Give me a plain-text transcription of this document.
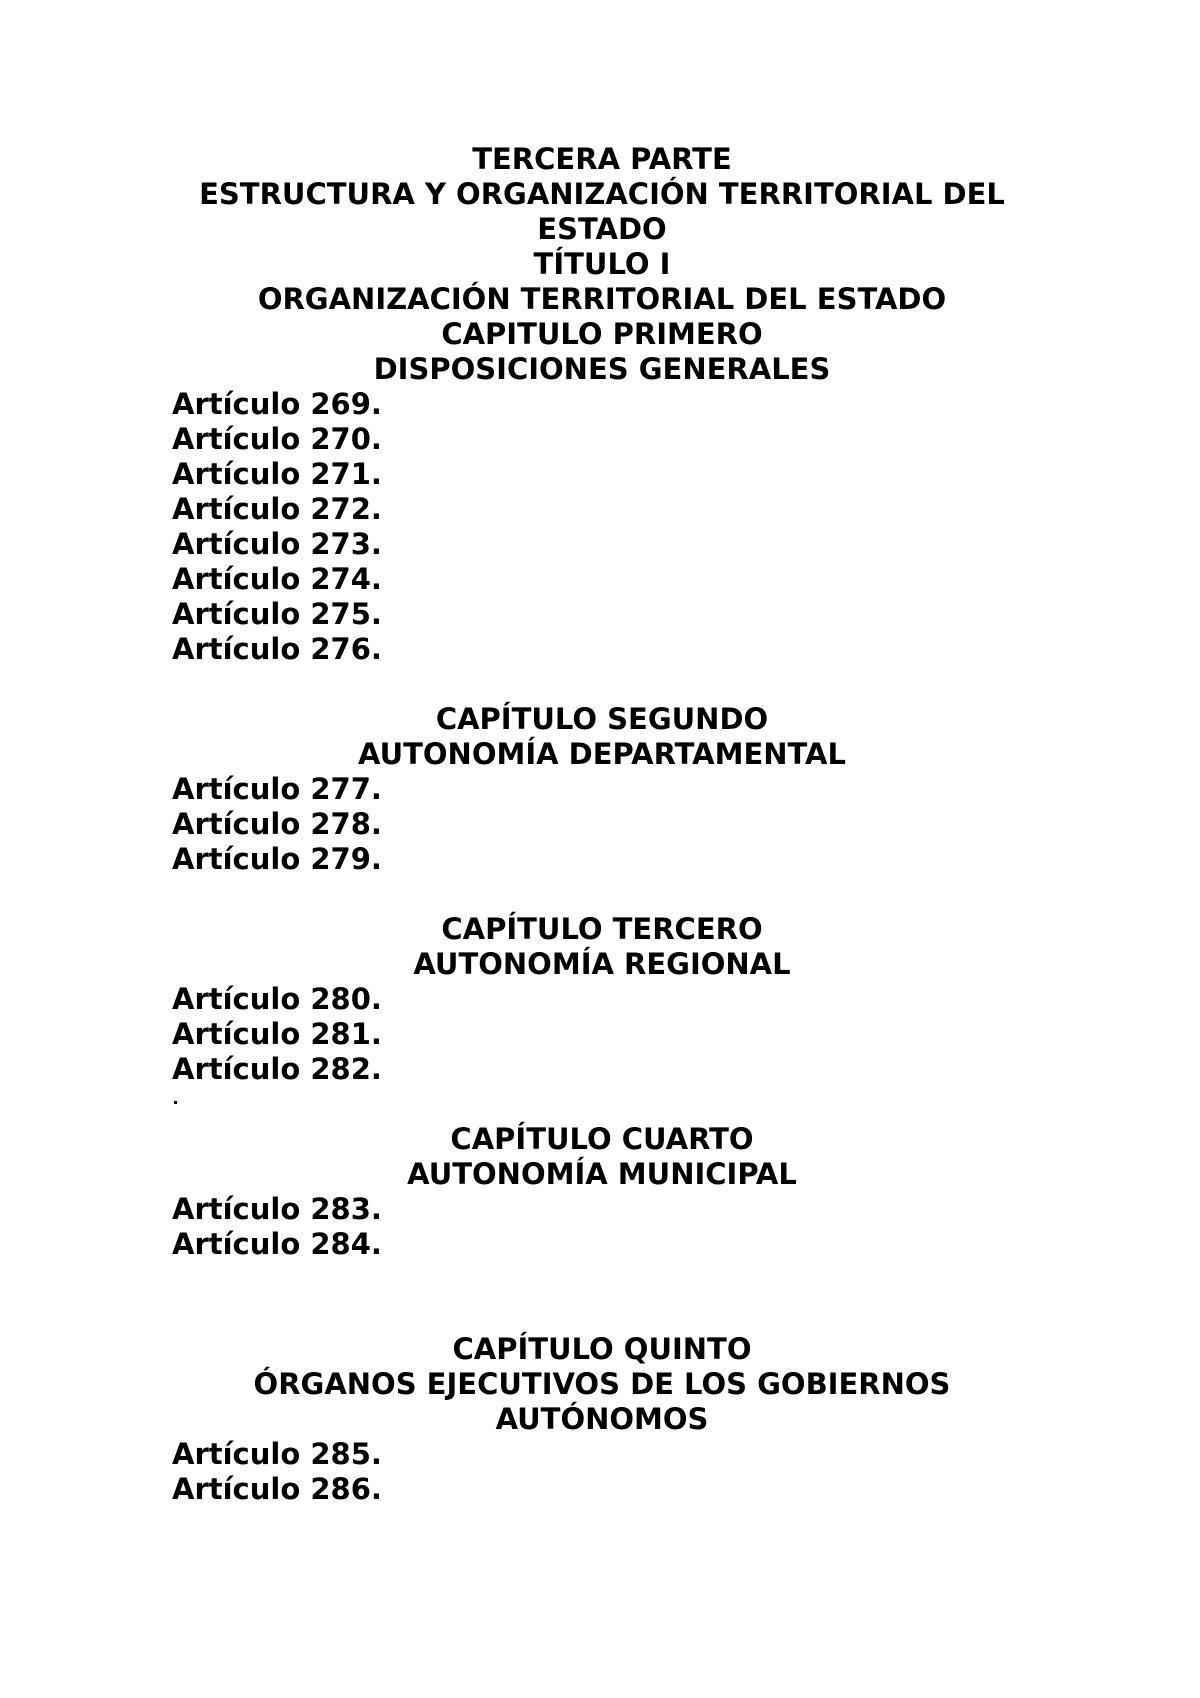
TERCERA PARTE

ESTRUCTURA Y ORGANIZACIÓN TERRITORIAL DEL ESTADO

TÍTULO I

ORGANIZACIÓN TERRITORIAL DEL ESTADO

CAPITULO PRIMERO

DISPOSICIONES GENERALES

Artículo 269.

Artículo 270.

Artículo 271.

Artículo 272.

Artículo 273.

Artículo 274.

Artículo 275.

Artículo 276.

CAPÍTULO SEGUNDO

AUTONOMÍA DEPARTAMENTAL

Artículo 277.

Artículo 278.

Artículo 279.

CAPÍTULO TERCERO

AUTONOMÍA REGIONAL

Artículo 280.

Artículo 281.

Artículo 282.

CAPÍTULO CUARTO

AUTONOMÍA MUNICIPAL

Artículo 283.

Artículo 284.

CAPÍTULO QUINTO

ÓRGANOS EJECUTIVOS DE LOS GOBIERNOS AUTÓNOMOS

Artículo 285.

Artículo 286.
